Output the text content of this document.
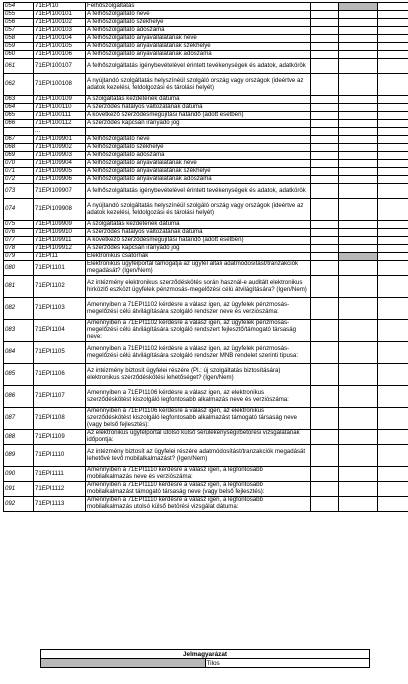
054	71EPI10	Felhőszolgáltatás			
055	71EPI100101	A felhőszolgáltató neve			
056	71EPI100102	A felhőszolgáltató székhelye			
057	71EPI100103	A felhőszolgáltató adószáma			
058	71EPI100104	A felhőszolgáltató anyavállalatának neve			
059	71EPI100105	A felhőszolgáltató anyavállalatának székhelye			
060	71EPI100106	A felhőszolgáltató anyavállalatának adószáma			
061	71EPI100107	A felhőszolgáltatás igénybevételével érintett tevékenységek és adatok, adatkörök			
062	71EPI100108	A nyújtandó szolgáltatás helyszínéül szolgáló ország vagy országok (ideértve az adatok kezelési, feldolgozási és tárolási helyét)			
063	71EPI100109	A szolgáltatás kezdetének dátuma			
064	71EPI100110	A szerződés hatályos változatának dátuma			
065	71EPI100111	A következő szerződésmegújítási határidő (adott esetben)			
066	71EPI100112	A szerződés kapcsán irányadó jog			
	...				
067	71EPI109901	A felhőszolgáltató neve			
068	71EPI109902	A felhőszolgáltató székhelye			
069	71EPI109903	A felhőszolgáltató adószáma			
070	71EPI109904	A felhőszolgáltató anyavállalatának neve			
071	71EPI109905	A felhőszolgáltató anyavállalatának székhelye			
072	71EPI109906	A felhőszolgáltató anyavállalatának adószáma			
073	71EPI109907	A felhőszolgáltatás igénybevételével érintett tevékenységek és adatok, adatkörök			
074	71EPI109908	A nyújtandó szolgáltatás helyszínéül szolgáló ország vagy országok (ideértve az adatok kezelési, feldolgozási és tárolási helyét)			
075	71EPI109909	A szolgáltatás kezdetének dátuma			
076	71EPI109910	A szerződés hatályos változatának dátuma			
077	71EPI109911	A következő szerződésmegújítási határidő (adott esetben)			
078	71EPI109912	A szerződés kapcsán irányadó jog			
079	71EPI11	Elektronikus csatornák			
080	71EPI1101	Elektronikus ügyfélportál támogatja az ügyfél általi adatmódosítást/tranzakciók megadását? (Igen/Nem)			
081	71EPI1102	Az intézmény elektronikus szerződéskötés során használ-e auditált elektronikus hirközlő eszközt ügyfelek pénzmosás-megelőzési célú átvilágítására? (Igen/Nem)			
082	71EPI1103	Amennyiben a 71EPI1102 kérdésre a válasz igen, az ügyfelek pénzmosás-megelőzési célú átvilágítására szolgáló rendszer neve és verziószáma:			
083	71EPI1104	Amennyiben a 71EPI1102 kérdésre a válasz igen, az ügyfelek pénzmosás-megelőzési célú átvilágítására szolgáló rendszert fejlesztő/támogató társaság neve:			
084	71EPI1105	Amennyiben a 71EPI1102 kérdésre a válasz igen, az ügyfelek pénzmosás-megelőzési célú átvilágítására szolgáló rendszer MNB rendelet szerinti típusa:			
085	71EPI1106	Az intézmény biztosít ügyfelei részére (Pl.: új szolgáltatás biztosítására) elektronikus szerződéskötési lehetőséget? (Igen/Nem)			
086	71EPI1107	Amennyiben a 71EPI1106 kérdésre a válasz igen, az elektronikus szerződéskötést kiszolgáló legfontosabb alkalmazás neve és verziószáma:			
087	71EPI1108	Amennyiben a 71EPI1106 kérdésre a válasz igen, az elektronikus szerződéskötést kiszolgáló legfontosabb alkalmazást támogató társaság neve (vagy belső fejlesztés):			
088	71EPI1109	Az elektronikus ügyfélportál utolsó külső sérülékenységi/betörési vizsgálatának időpontja:			
089	71EPI1110	Az intézmény biztosít az ügyfelei részére adatmódosítást/tranzakciók megadását lehetővé tevő mobilalkalmazást? (Igen/Nem)			
090	71EPI1111	Amennyiben a 71EPI1110 kérdésre a válasz igen, a legfontosabb mobilalkalmazás neve és verziószáma:			
091	71EPI1112	Amennyiben a 71EPI1110 kérdésre a válasz igen, a legfontosabb mobilalkalmazást támogató társaság neve (vagy belső fejlesztés):			
092	71EPI1113	Amennyiben a 71EPI1110 kérdésre a válasz igen, a legfontosabb mobilalkalmazás utolsó külső betörési vizsgálat dátuma:			
Jelmagyarázat
	Tilos
